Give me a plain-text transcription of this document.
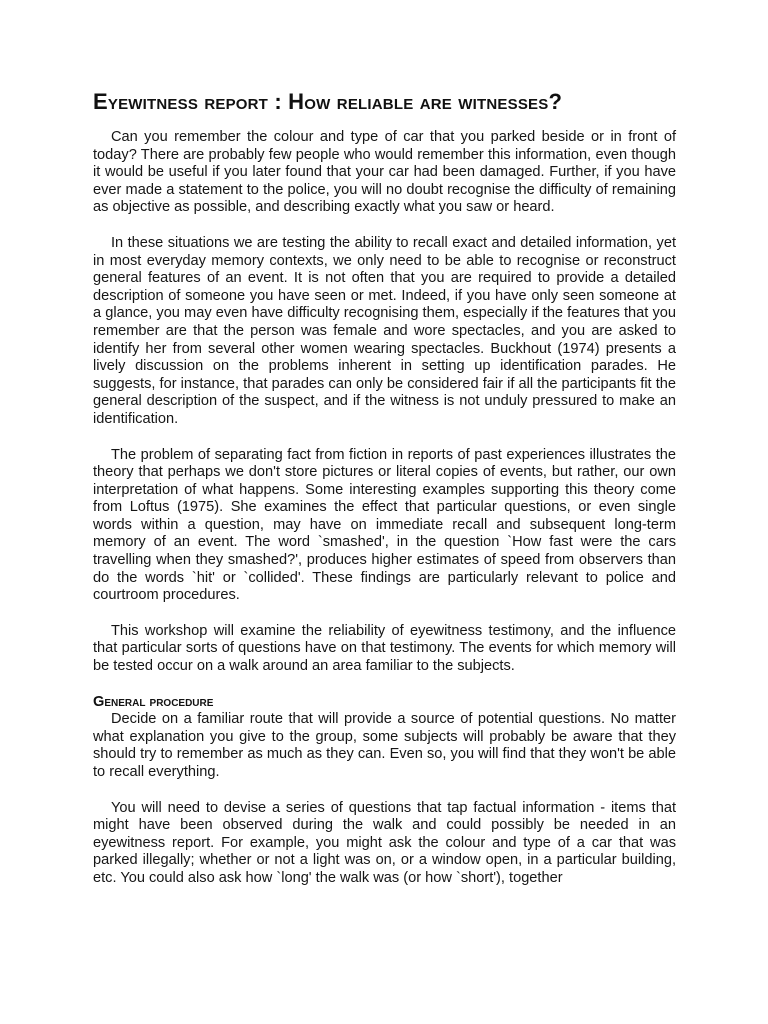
Eyewitness report : How reliable are witnesses?

Can you remember the colour and type of car that you parked beside or in front of today? There are probably few people who would remember this information, even though it would be useful if you later found that your car had been damaged. Further, if you have ever made a statement to the police, you will no doubt recognise the difficulty of remaining as objective as possible, and describing exactly what you saw or heard.

In these situations we are testing the ability to recall exact and detailed information, yet in most everyday memory contexts, we only need to be able to recognise or reconstruct general features of an event. It is not often that you are required to provide a detailed description of someone you have seen or met. Indeed, if you have only seen someone at a glance, you may even have difficulty recognising them, especially if the features that you remember are that the person was female and wore spectacles, and you are asked to identify her from several other women wearing spectacles. Buckhout (1974) presents a lively discussion on the problems inherent in setting up identification parades. He suggests, for instance, that parades can only be considered fair if all the participants fit the general description of the suspect, and if the witness is not unduly pressured to make an identification.

The problem of separating fact from fiction in reports of past experiences illustrates the theory that perhaps we don't store pictures or literal copies of events, but rather, our own interpretation of what happens. Some interesting examples supporting this theory come from Loftus (1975). She examines the effect that particular questions, or even single words within a question, may have on immediate recall and subsequent long-term memory of an event. The word `smashed', in the question `How fast were the cars travelling when they smashed?', produces higher estimates of speed from observers than do the words `hit' or `collided'. These findings are particularly relevant to police and courtroom procedures.

This workshop will examine the reliability of eyewitness testimony, and the influence that particular sorts of questions have on that testimony. The events for which memory will be tested occur on a walk around an area familiar to the subjects.

General procedure

Decide on a familiar route that will provide a source of potential questions. No matter what explanation you give to the group, some subjects will probably be aware that they should try to remember as much as they can. Even so, you will find that they won't be able to recall everything.

You will need to devise a series of questions that tap factual information - items that might have been observed during the walk and could possibly be needed in an eyewitness report. For example, you might ask the colour and type of a car that was parked illegally; whether or not a light was on, or a window open, in a particular building, etc. You could also ask how `long' the walk was (or how `short'), together
